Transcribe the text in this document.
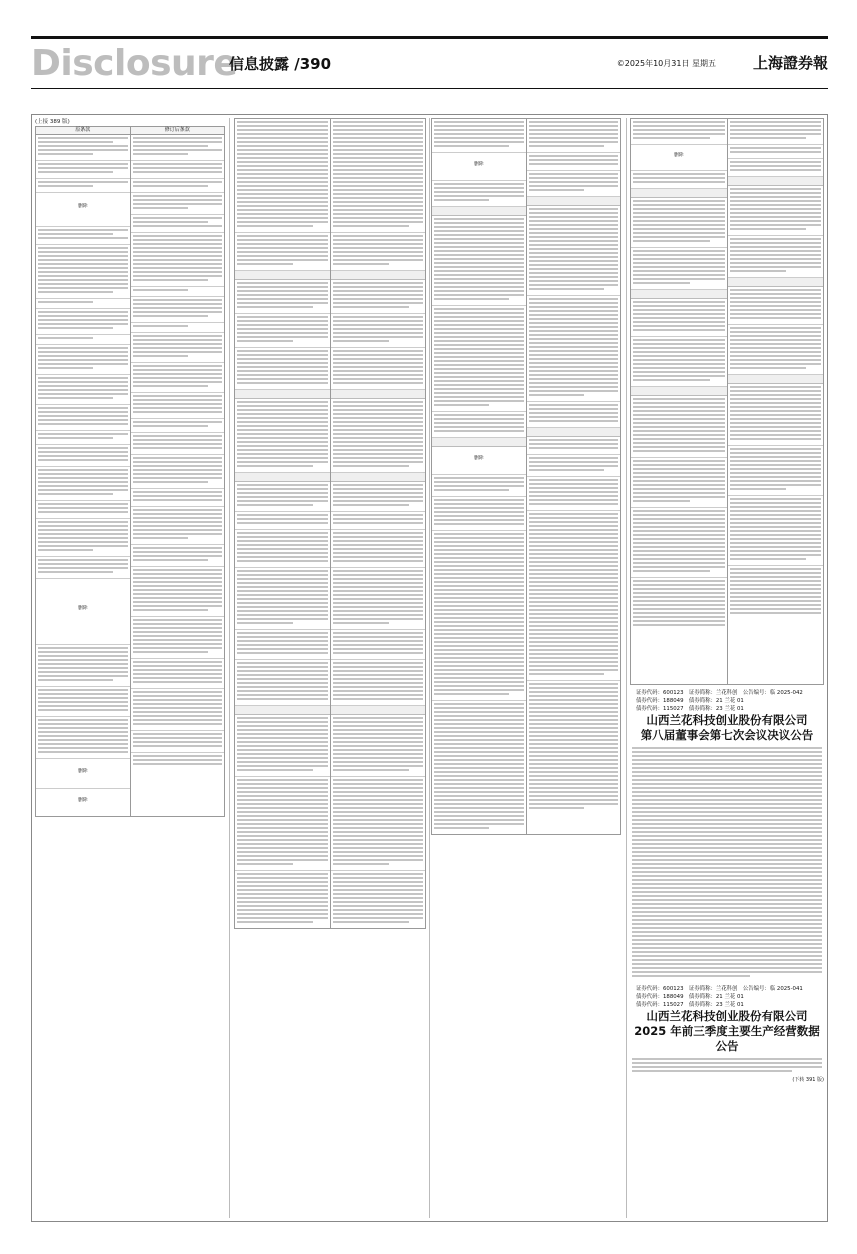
Disclosure
信息披露 /390	©2025年10月31日 星期五 上海證券報
(上接 389 版)
原条款
删除
删除
删除
删除
修订后条款
删除
删除
删除
证券代码：600123　证券简称：兰花科创　公告编号：临 2025-042
债券代码：188049　债券简称：21 兰花 01
债券代码：115027　债券简称：23 兰花 01
山西兰花科技创业股份有限公司
第八届董事会第七次会议决议公告
证券代码：600123　证券简称：兰花科创　公告编号：临 2025-041
债券代码：188049　债券简称：21 兰花 01
债券代码：115027　债券简称：23 兰花 01
山西兰花科技创业股份有限公司
2025 年前三季度主要生产经营数据公告
(下转 391 版)
